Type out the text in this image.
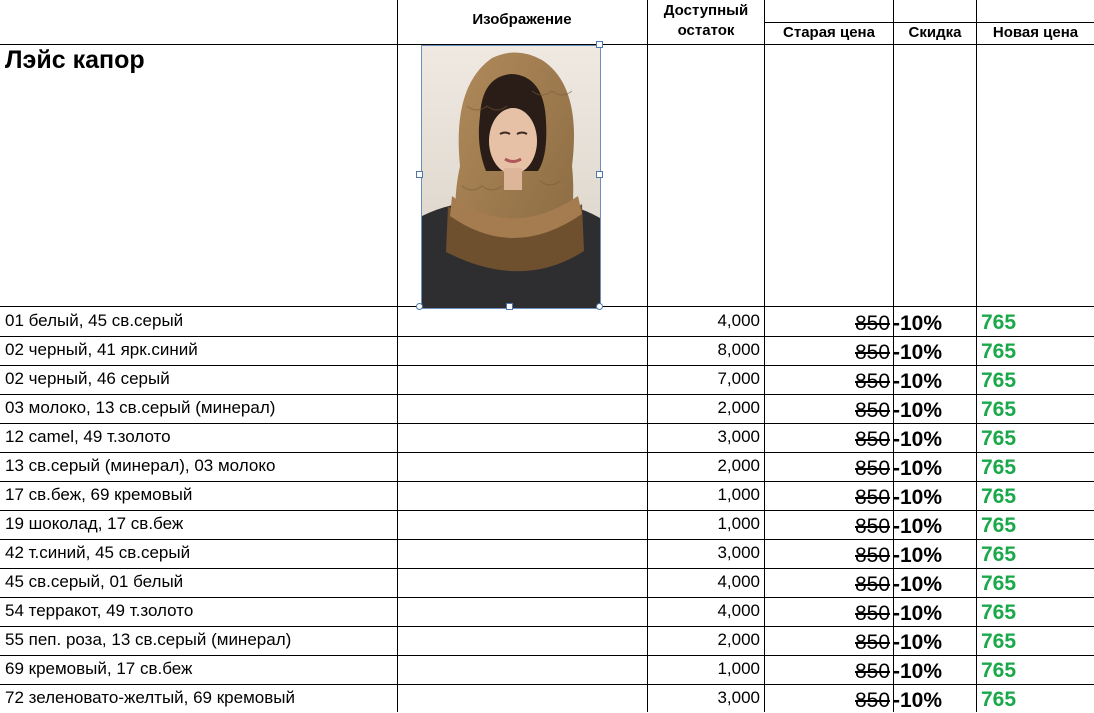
Изображение
Доступный остаток	Старая цена	Скидка	Новая цена
Лэйс капор
01 белый, 45 св.серый	4,000	850 -10% 765
02 черный, 41 ярк.синий	8,000	850 -10% 765
02 черный, 46 серый	7,000	850 -10% 765
03 молоко, 13 св.серый (минерал)	2,000	850 -10% 765
12 camel, 49 т.золото	3,000	850 -10% 765
13 св.серый (минерал), 03 молоко	2,000	850 -10% 765
17 св.беж, 69 кремовый	1,000	850 -10% 765
19 шоколад, 17 св.беж	1,000	850 -10% 765
42 т.синий, 45 св.серый	3,000	850 -10% 765
45 св.серый, 01 белый	4,000	850 -10% 765
54 терракот, 49 т.золото	4,000	850 -10% 765
55 пеп. роза, 13 св.серый (минерал)	2,000	850 -10% 765
69 кремовый, 17 св.беж	1,000	850 -10% 765
72 зеленовато-желтый, 69 кремовый	3,000	850 -10% 765
